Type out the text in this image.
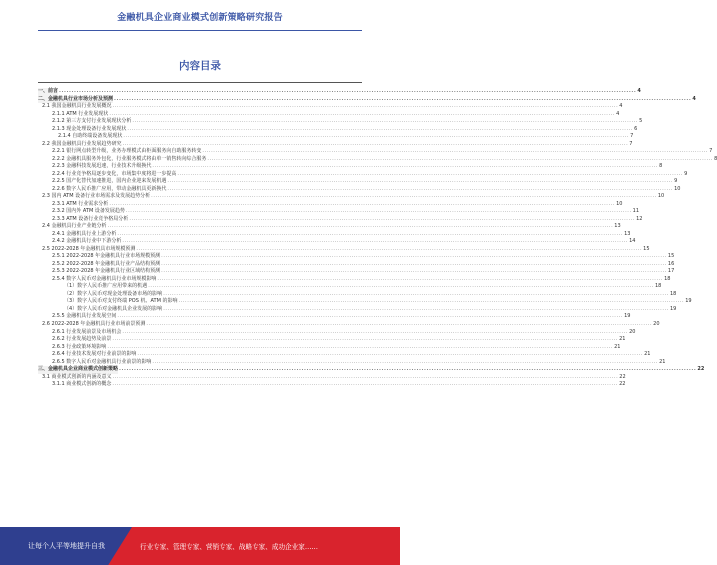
金融机具企业商业模式创新策略研究报告
内容目录
一、前言 .....	4
二、金融机具行业市场分析及预测 .....	4
2.1 我国金融机具行业发展概况 .....	4
2.1.1 ATM 行业发展现状 .....	4
2.1.2 第三方支付行业发展现状分析 .....	5
2.1.3 现金处理设备行业发展现状 .....	6
2.1.4 自助终端设备发展现状 .....	7
2.2 我国金融机具行业发展趋势研究 .....	7
2.2.1 银行网点转型升级，业务办理模式由柜面服务向自助服务转变 .....	7
2.2.2 金融机具服务外包化，行业服务模式将由单一销售转向综合服务 .....	8
2.2.3 金融科技发展迅速，行业技术升级换代 .....	8
2.2.4 行业竞争格局逐步变化，市场集中度将进一步提高 .....	9
2.2.5 国产化替代加速推进，国内企业迎来发展机遇 .....	9
2.2.6 数字人民币推广应用，带动金融机具更新换代 .....	10
2.3 国内 ATM 设备行业市场需求及发展趋势分析 .....	10
2.3.1 ATM 行业需求分析 .....	10
2.3.2 国内外 ATM 设备发展趋势 .....	11
2.3.3 ATM 设备行业竞争格局分析 .....	12
2.4 金融机具行业产业链分析 .....	13
2.4.1 金融机具行业上游分析 .....	13
2.4.2 金融机具行业中下游分析 .....	14
2.5 2022-2028 年金融机具市场规模预测 .....	15
2.5.1 2022-2028 年金融机具行业市场规模预测 .....	15
2.5.2 2022-2028 年金融机具行业产品结构预测 .....	16
2.5.3 2022-2028 年金融机具行业区域结构预测 .....	17
2.5.4 数字人民币对金融机具行业市场规模影响 .....	18
（1）数字人民币推广应用带来的机遇 .....	18
（2）数字人民币对现金处理设备市场的影响 .....	18
（3）数字人民币对支付终端 POS 机、ATM 的影响 .....	19
（4）数字人民币对金融机具企业发展的影响 .....	19
2.5.5 金融机具行业发展空间 .....	19
2.6 2022-2028 年金融机具行业市场前景预测 .....	20
2.6.1 行业发展前景及市场机会 .....	20
2.6.2 行业发展趋势及前景 .....	21
2.6.3 行业政策环境影响 .....	21
2.6.4 行业技术发展对行业前景的影响 .....	21
2.6.5 数字人民币对金融机具行业前景的影响 .....	21
三、金融机具企业商业模式创新策略 .....	22
3.1 商业模式创新的内涵及意义 .....	22
3.1.1 商业模式创新的概念 .....	22
让每个人平等地提升自我	行业专家、管理专家、营销专家、战略专家、成功企业家……
